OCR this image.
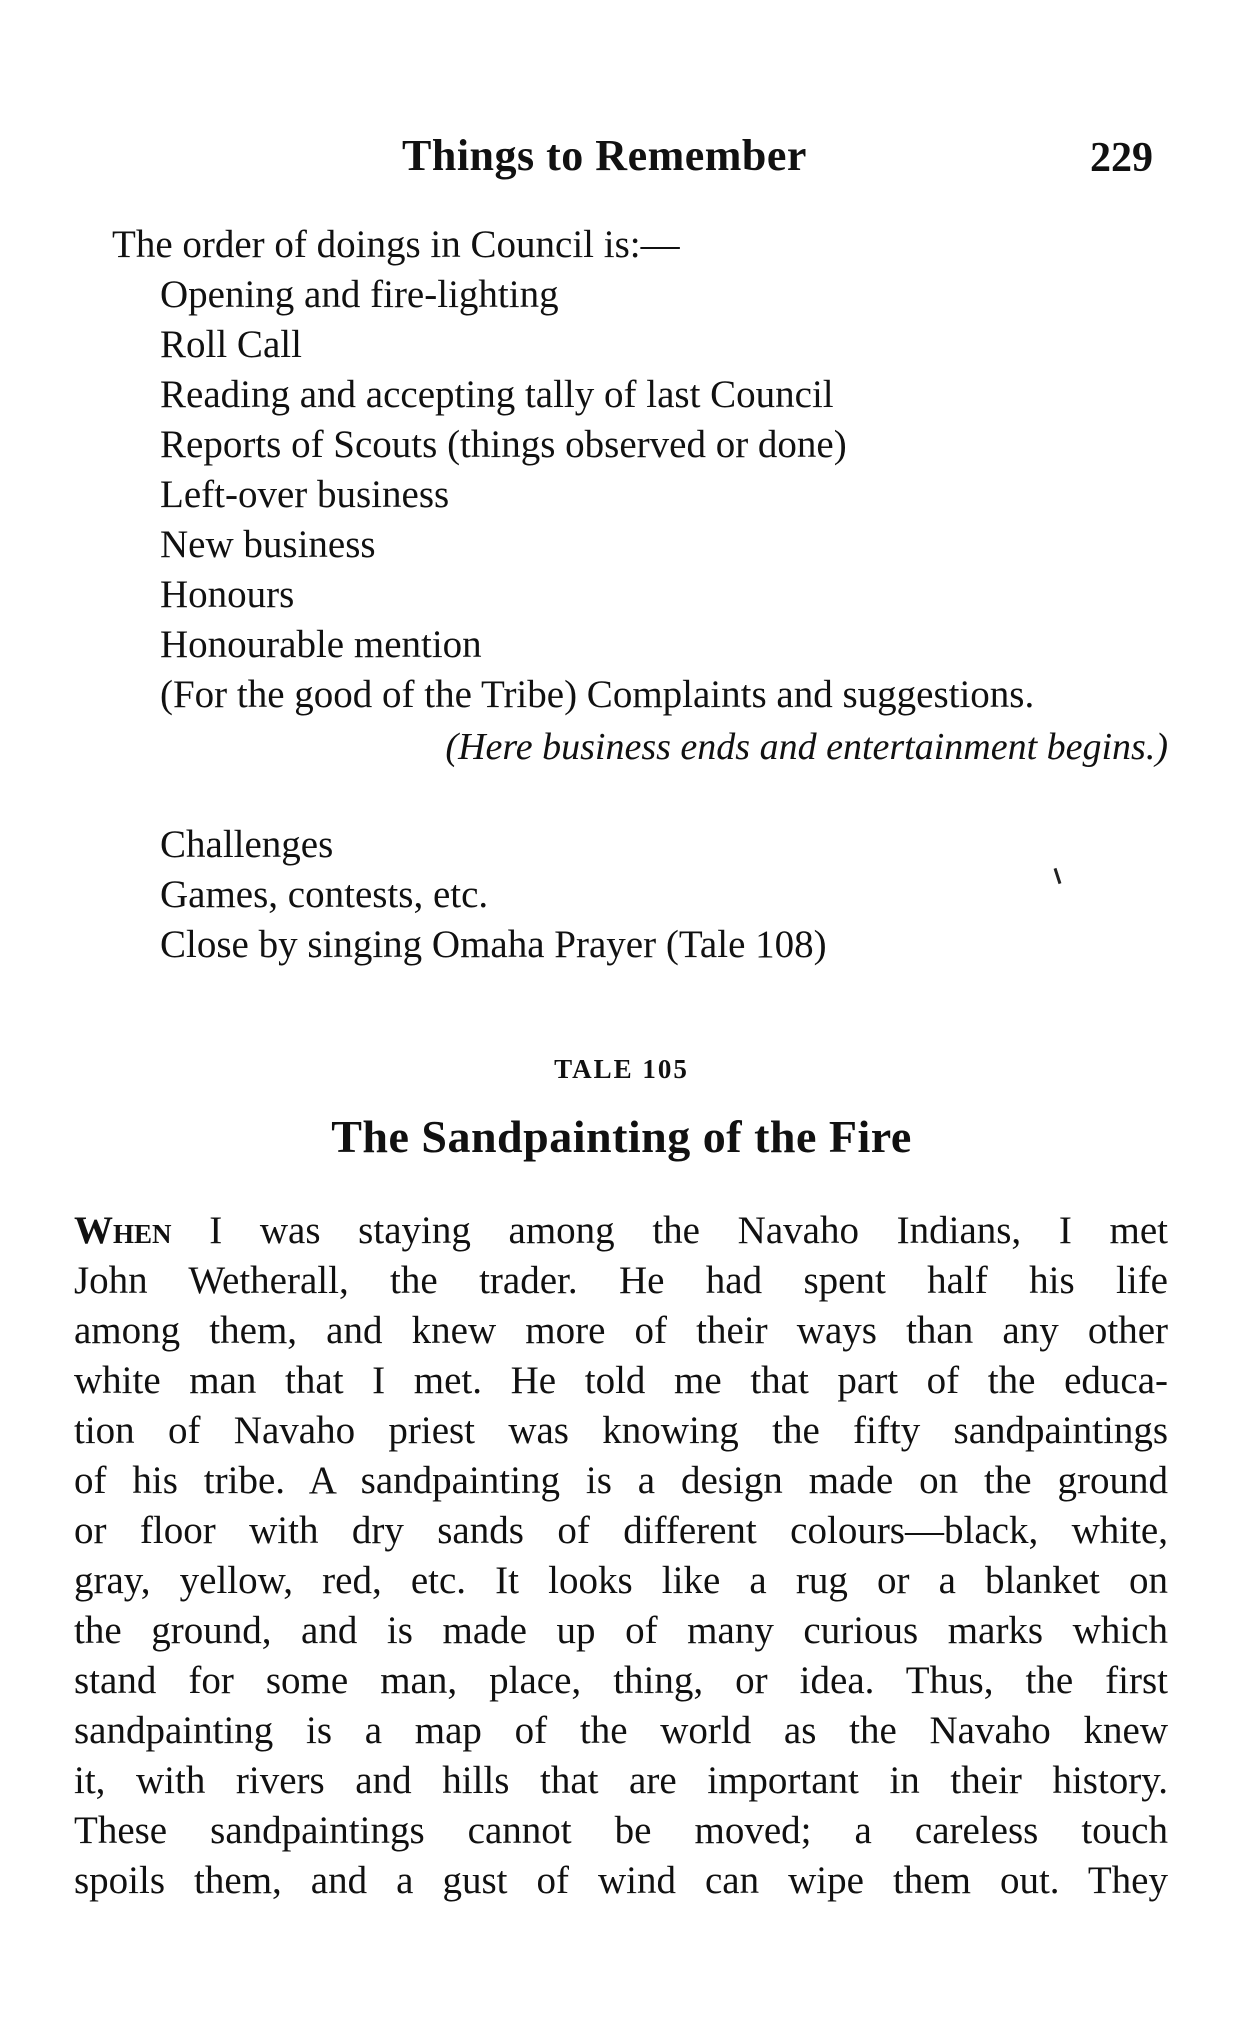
Things to Remember	229
The order of doings in Council is:—
Opening and fire-lighting
Roll Call
Reading and accepting tally of last Council
Reports of Scouts (things observed or done)
Left-over business
New business
Honours
Honourable mention
(For the good of the Tribe) Complaints and suggestions.
(Here business ends and entertainment begins.)
Challenges
Games, contests, etc.
Close by singing Omaha Prayer (Tale 108)
TALE 105
The Sandpainting of the Fire
When I was staying among the Navaho Indians, I met
John Wetherall, the trader. He had spent half his life
among them, and knew more of their ways than any other
white man that I met. He told me that part of the educa-
tion of Navaho priest was knowing the fifty sandpaintings
of his tribe. A sandpainting is a design made on the ground
or floor with dry sands of different colours—black, white,
gray, yellow, red, etc. It looks like a rug or a blanket on
the ground, and is made up of many curious marks which
stand for some man, place, thing, or idea. Thus, the first
sandpainting is a map of the world as the Navaho knew
it, with rivers and hills that are important in their history.
These sandpaintings cannot be moved; a careless touch
spoils them, and a gust of wind can wipe them out. They
